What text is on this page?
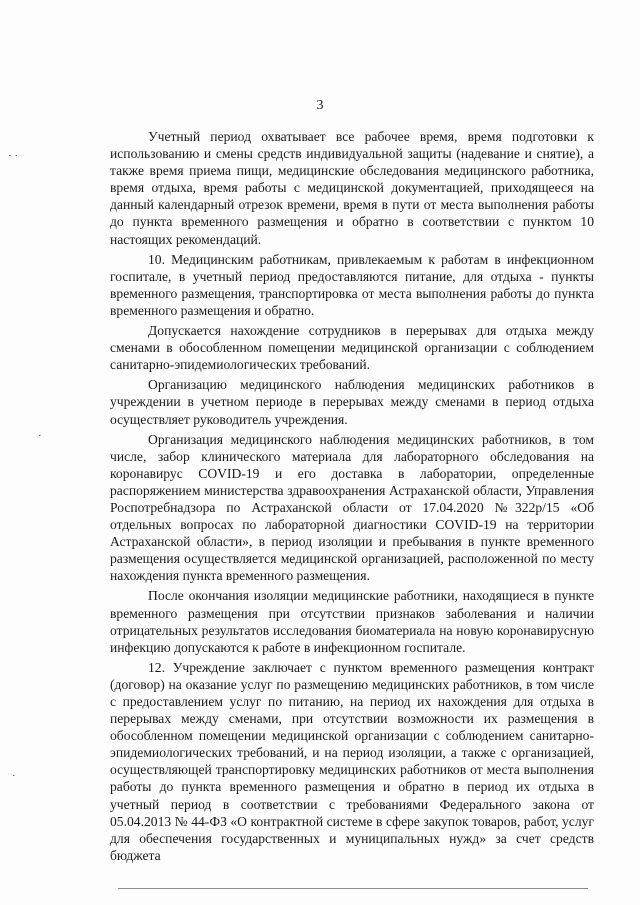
3
· ·
·
·

Учетный период охватывает все рабочее время, время подготовки к использованию и смены средств индивидуальной защиты (надевание и снятие), а также время приема пищи, медицинские обследования медицинского работника, время отдыха, время работы с медицинской документацией, приходящееся на данный календарный отрезок времени, время в пути от места выполнения работы до пункта временного размещения и обратно в соответствии с пунктом 10 настоящих рекомендаций.

10. Медицинским работникам, привлекаемым к работам в инфекционном госпитале, в учетный период предоставляются питание, для отдыха - пункты временного размещения, транспортировка от места выполнения работы до пункта временного размещения и обратно.

Допускается нахождение сотрудников в перерывах для отдыха между сменами в обособленном помещении медицинской организации с соблюдением санитарно-эпидемиологических требований.

Организацию медицинского наблюдения медицинских работников в учреждении в учетном периоде в перерывах между сменами в период отдыха осуществляет руководитель учреждения.

Организация медицинского наблюдения медицинских работников, в том числе, забор клинического материала для лабораторного обследования на коронавирус COVID-19 и его доставка в лаборатории, определенные распоряжением министерства здравоохранения Астраханской области, Управления Роспотребнадзора по Астраханской области от 17.04.2020 №322р/15 «Об отдельных вопросах по лабораторной диагностики COVID-19 на территории Астраханской области», в период изоляции и пребывания в пункте временного размещения осуществляется медицинской организацией, расположенной по месту нахождения пункта временного размещения.

После окончания изоляции медицинские работники, находящиеся в пункте временного размещения при отсутствии признаков заболевания и наличии отрицательных результатов исследования биоматериала на новую коронавирусную инфекцию допускаются к работе в инфекционном госпитале.

12. Учреждение заключает с пунктом временного размещения контракт (договор) на оказание услуг по размещению медицинских работников, в том числе с предоставлением услуг по питанию, на период их нахождения для отдыха в перерывах между сменами, при отсутствии возможности их размещения в обособленном помещении медицинской организации с соблюдением санитарно-эпидемиологических требований, и на период изоляции, а также с организацией, осуществляющей транспортировку медицинских работников от места выполнения работы до пункта временного размещения и обратно в период их отдыха в учетный период в соответствии с требованиями Федерального закона от 05.04.2013 № 44-ФЗ «О контрактной системе в сфере закупок товаров, работ, услуг для обеспечения государственных и муниципальных нужд» за счет средств бюджета
